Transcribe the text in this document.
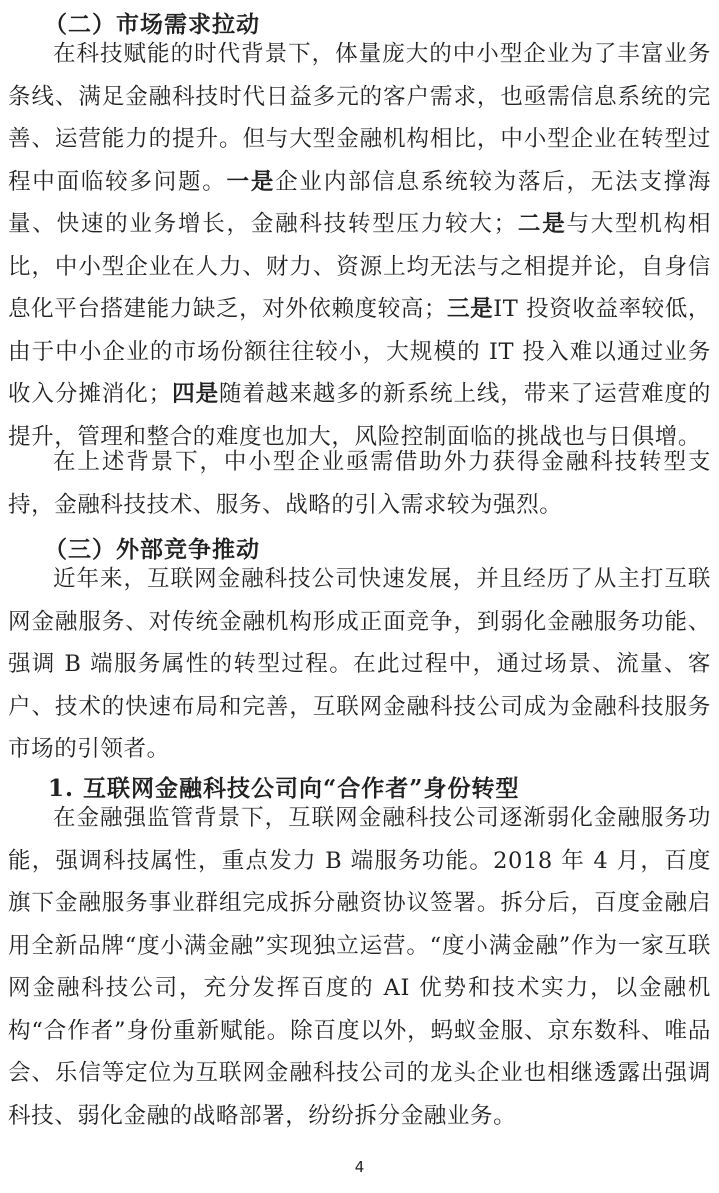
（二）市场需求拉动

在科技赋能的时代背景下，体量庞大的中小型企业为了丰富业务条线、满足金融科技时代日益多元的客户需求，也亟需信息系统的完善、运营能力的提升。但与大型金融机构相比，中小型企业在转型过程中面临较多问题。一是企业内部信息系统较为落后，无法支撑海量、快速的业务增长，金融科技转型压力较大；二是与大型机构相比，中小型企业在人力、财力、资源上均无法与之相提并论，自身信息化平台搭建能力缺乏，对外依赖度较高；三是IT 投资收益率较低，由于中小企业的市场份额往往较小，大规模的 IT 投入难以通过业务收入分摊消化；四是随着越来越多的新系统上线，带来了运营难度的提升，管理和整合的难度也加大，风险控制面临的挑战也与日俱增。

在上述背景下，中小型企业亟需借助外力获得金融科技转型支持，金融科技技术、服务、战略的引入需求较为强烈。

（三）外部竞争推动

近年来，互联网金融科技公司快速发展，并且经历了从主打互联网金融服务、对传统金融机构形成正面竞争，到弱化金融服务功能、强调 B 端服务属性的转型过程。在此过程中，通过场景、流量、客户、技术的快速布局和完善，互联网金融科技公司成为金融科技服务市场的引领者。

1. 互联网金融科技公司向“合作者”身份转型

在金融强监管背景下，互联网金融科技公司逐渐弱化金融服务功能，强调科技属性，重点发力 B 端服务功能。2018 年 4 月，百度旗下金融服务事业群组完成拆分融资协议签署。拆分后，百度金融启用全新品牌“度小满金融”实现独立运营。“度小满金融”作为一家互联网金融科技公司，充分发挥百度的 AI 优势和技术实力，以金融机构“合作者”身份重新赋能。除百度以外，蚂蚁金服、京东数科、唯品会、乐信等定位为互联网金融科技公司的龙头企业也相继透露出强调科技、弱化金融的战略部署，纷纷拆分金融业务。

4
